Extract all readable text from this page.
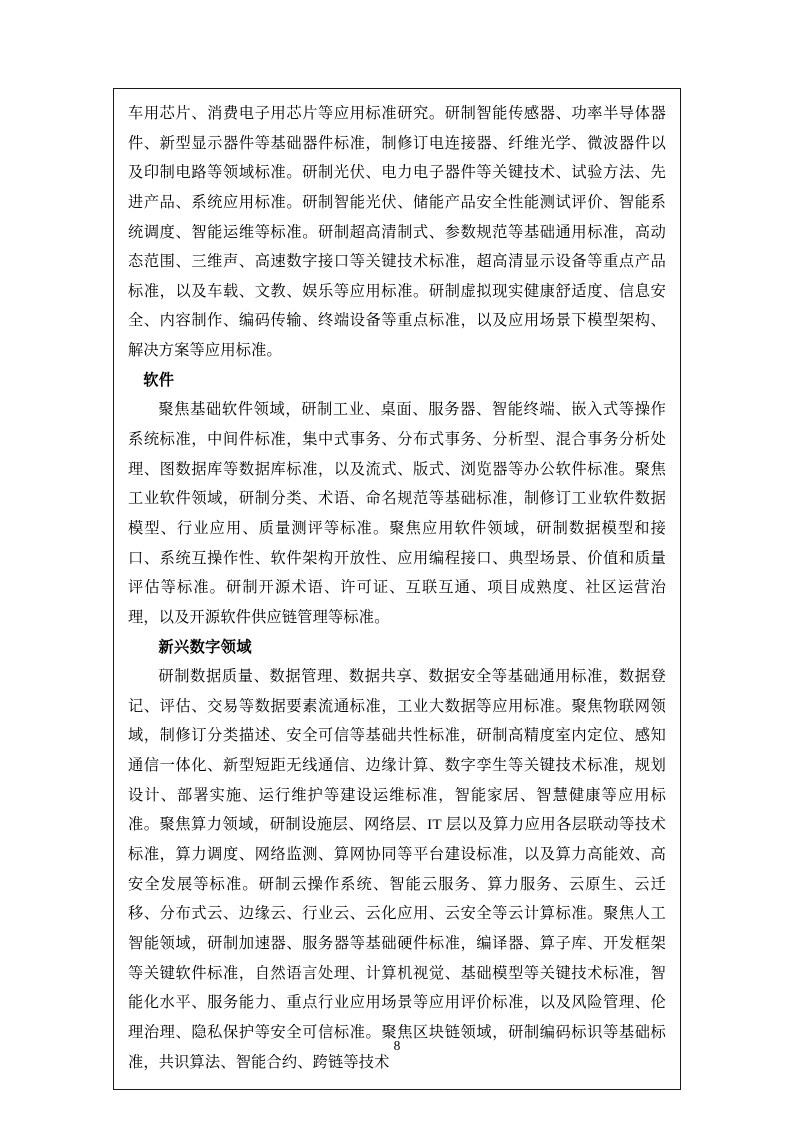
车用芯片、消费电子用芯片等应用标准研究。研制智能传感器、功率半导体器件、新型显示器件等基础器件标准，制修订电连接器、纤维光学、微波器件以及印制电路等领域标准。研制光伏、电力电子器件等关键技术、试验方法、先进产品、系统应用标准。研制智能光伏、储能产品安全性能测试评价、智能系统调度、智能运维等标准。研制超高清制式、参数规范等基础通用标准，高动态范围、三维声、高速数字接口等关键技术标准，超高清显示设备等重点产品标准，以及车载、文教、娱乐等应用标准。研制虚拟现实健康舒适度、信息安全、内容制作、编码传输、终端设备等重点标准，以及应用场景下模型架构、解决方案等应用标准。

软件

聚焦基础软件领域，研制工业、桌面、服务器、智能终端、嵌入式等操作系统标准，中间件标准，集中式事务、分布式事务、分析型、混合事务分析处理、图数据库等数据库标准，以及流式、版式、浏览器等办公软件标准。聚焦工业软件领域，研制分类、术语、命名规范等基础标准，制修订工业软件数据模型、行业应用、质量测评等标准。聚焦应用软件领域，研制数据模型和接口、系统互操作性、软件架构开放性、应用编程接口、典型场景、价值和质量评估等标准。研制开源术语、许可证、互联互通、项目成熟度、社区运营治理，以及开源软件供应链管理等标准。

新兴数字领域

研制数据质量、数据管理、数据共享、数据安全等基础通用标准，数据登记、评估、交易等数据要素流通标准，工业大数据等应用标准。聚焦物联网领域，制修订分类描述、安全可信等基础共性标准，研制高精度室内定位、感知通信一体化、新型短距无线通信、边缘计算、数字孪生等关键技术标准，规划设计、部署实施、运行维护等建设运维标准，智能家居、智慧健康等应用标准。聚焦算力领域，研制设施层、网络层、IT 层以及算力应用各层联动等技术标准，算力调度、网络监测、算网协同等平台建设标准，以及算力高能效、高安全发展等标准。研制云操作系统、智能云服务、算力服务、云原生、云迁移、分布式云、边缘云、行业云、云化应用、云安全等云计算标准。聚焦人工智能领域，研制加速器、服务器等基础硬件标准，编译器、算子库、开发框架等关键软件标准，自然语言处理、计算机视觉、基础模型等关键技术标准，智能化水平、服务能力、重点行业应用场景等应用评价标准，以及风险管理、伦理治理、隐私保护等安全可信标准。聚焦区块链领域，研制编码标识等基础标准，共识算法、智能合约、跨链等技术

8
